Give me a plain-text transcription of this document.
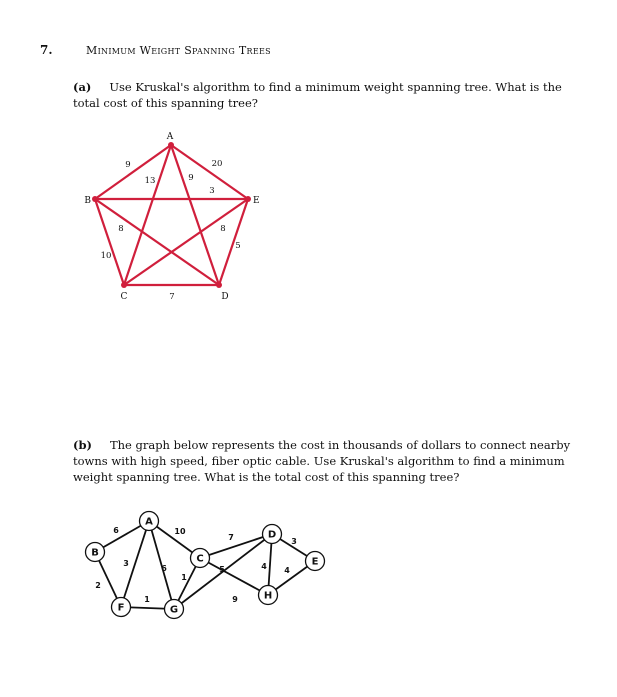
7.	Minimum Weight Spanning Trees
(a) Use Kruskal's algorithm to find a minimum weight spanning tree. What is the total cost of this spanning tree?
9
13	9
20
3
8
10
8
5
7
A
B
C	D
E
(b) The graph below represents the cost in thousands of dollars to connect nearby towns with high speed, fiber optic cable. Use Kruskal's algorithm to find a minimum weight spanning tree. What is the total cost of this spanning tree?
6
3
6
10
2
1
1
5
7
9
4
3
4
A
B
C
D
E
F	G
H
